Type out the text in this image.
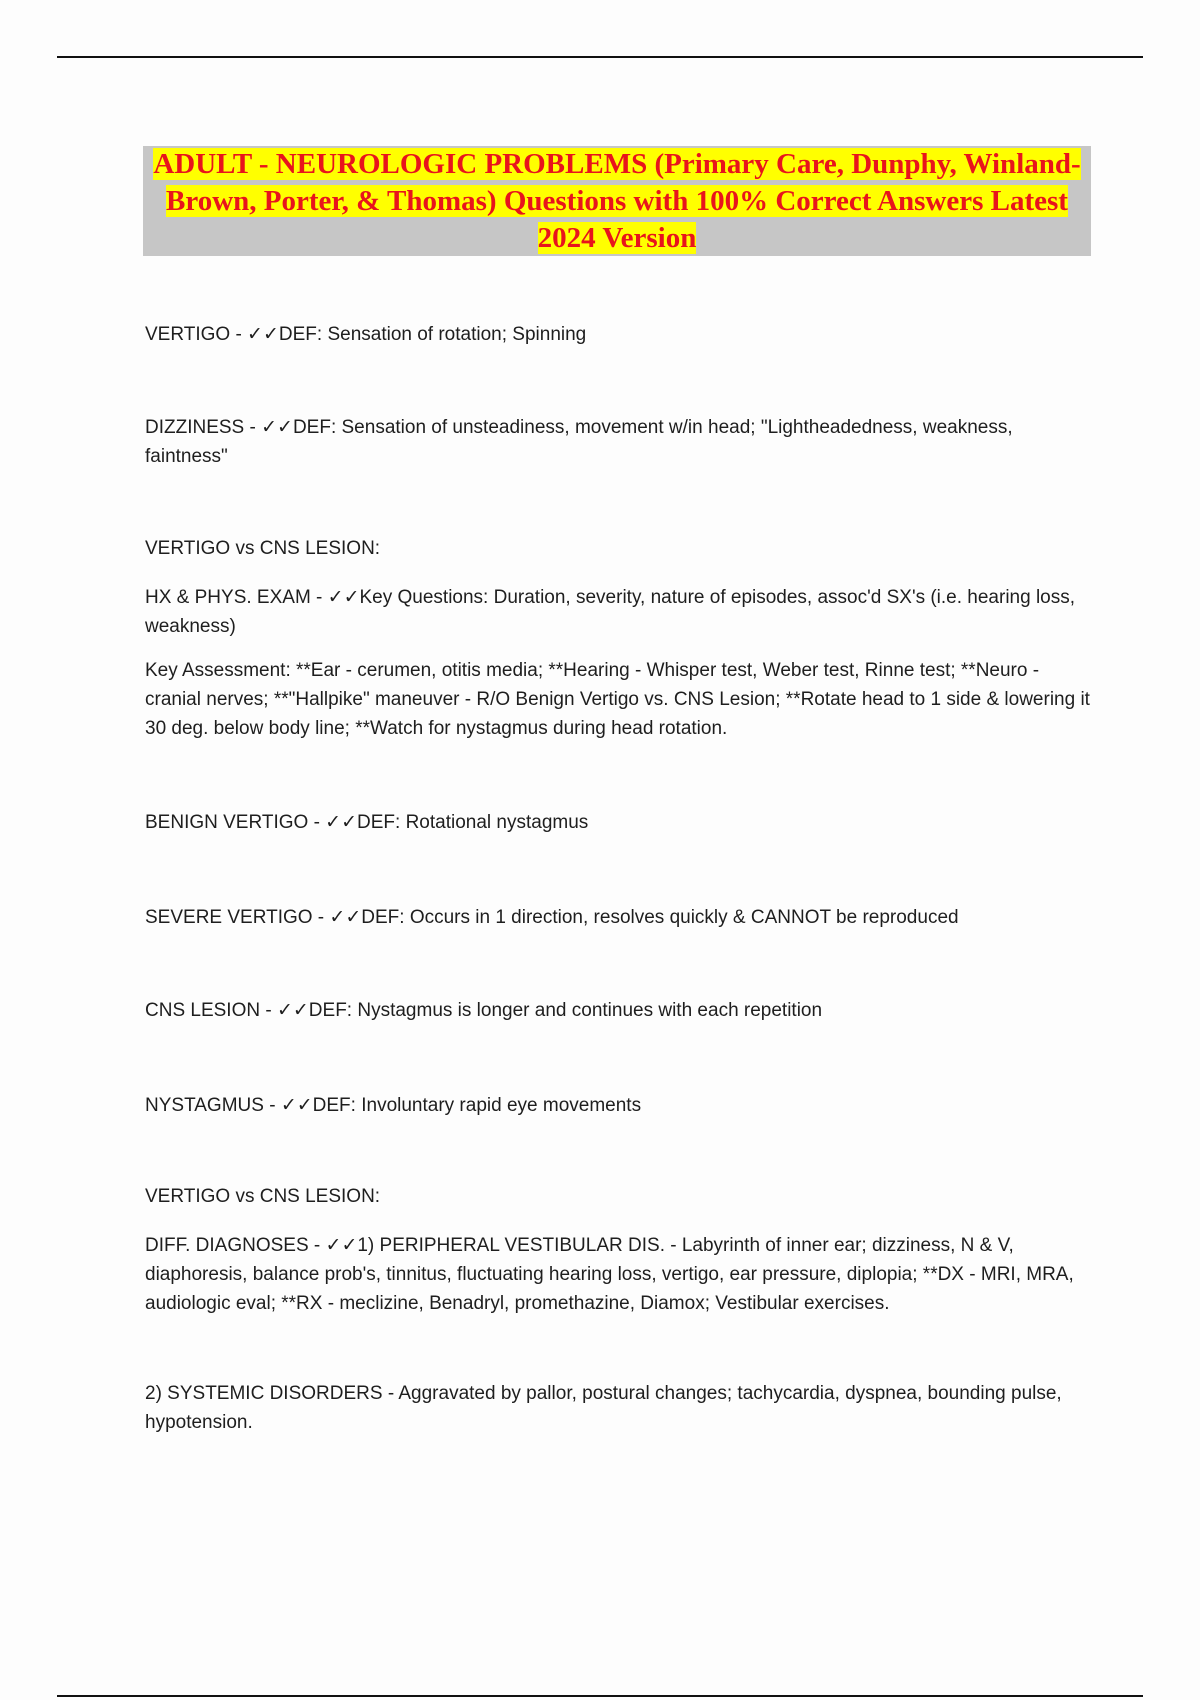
ADULT - NEUROLOGIC PROBLEMS (Primary Care, Dunphy, Winland-Brown, Porter, & Thomas) Questions with 100% Correct Answers Latest 2024 Version

VERTIGO - ✓✓DEF: Sensation of rotation; Spinning

DIZZINESS - ✓✓DEF: Sensation of unsteadiness, movement w/in head; "Lightheadedness, weakness, faintness"

VERTIGO vs CNS LESION:

HX & PHYS. EXAM - ✓✓Key Questions: Duration, severity, nature of episodes, assoc'd SX's (i.e. hearing loss, weakness)

Key Assessment: **Ear - cerumen, otitis media; **Hearing - Whisper test, Weber test, Rinne test; **Neuro - cranial nerves; **"Hallpike" maneuver - R/O Benign Vertigo vs. CNS Lesion; **Rotate head to 1 side & lowering it 30 deg. below body line; **Watch for nystagmus during head rotation.

BENIGN VERTIGO - ✓✓DEF: Rotational nystagmus

SEVERE VERTIGO - ✓✓DEF: Occurs in 1 direction, resolves quickly & CANNOT be reproduced

CNS LESION - ✓✓DEF: Nystagmus is longer and continues with each repetition

NYSTAGMUS - ✓✓DEF: Involuntary rapid eye movements

VERTIGO vs CNS LESION:

DIFF. DIAGNOSES - ✓✓1) PERIPHERAL VESTIBULAR DIS. - Labyrinth of inner ear; dizziness, N & V, diaphoresis, balance prob's, tinnitus, fluctuating hearing loss, vertigo, ear pressure, diplopia; **DX - MRI, MRA, audiologic eval; **RX - meclizine, Benadryl, promethazine, Diamox; Vestibular exercises.

2) SYSTEMIC DISORDERS - Aggravated by pallor, postural changes; tachycardia, dyspnea, bounding pulse, hypotension.
